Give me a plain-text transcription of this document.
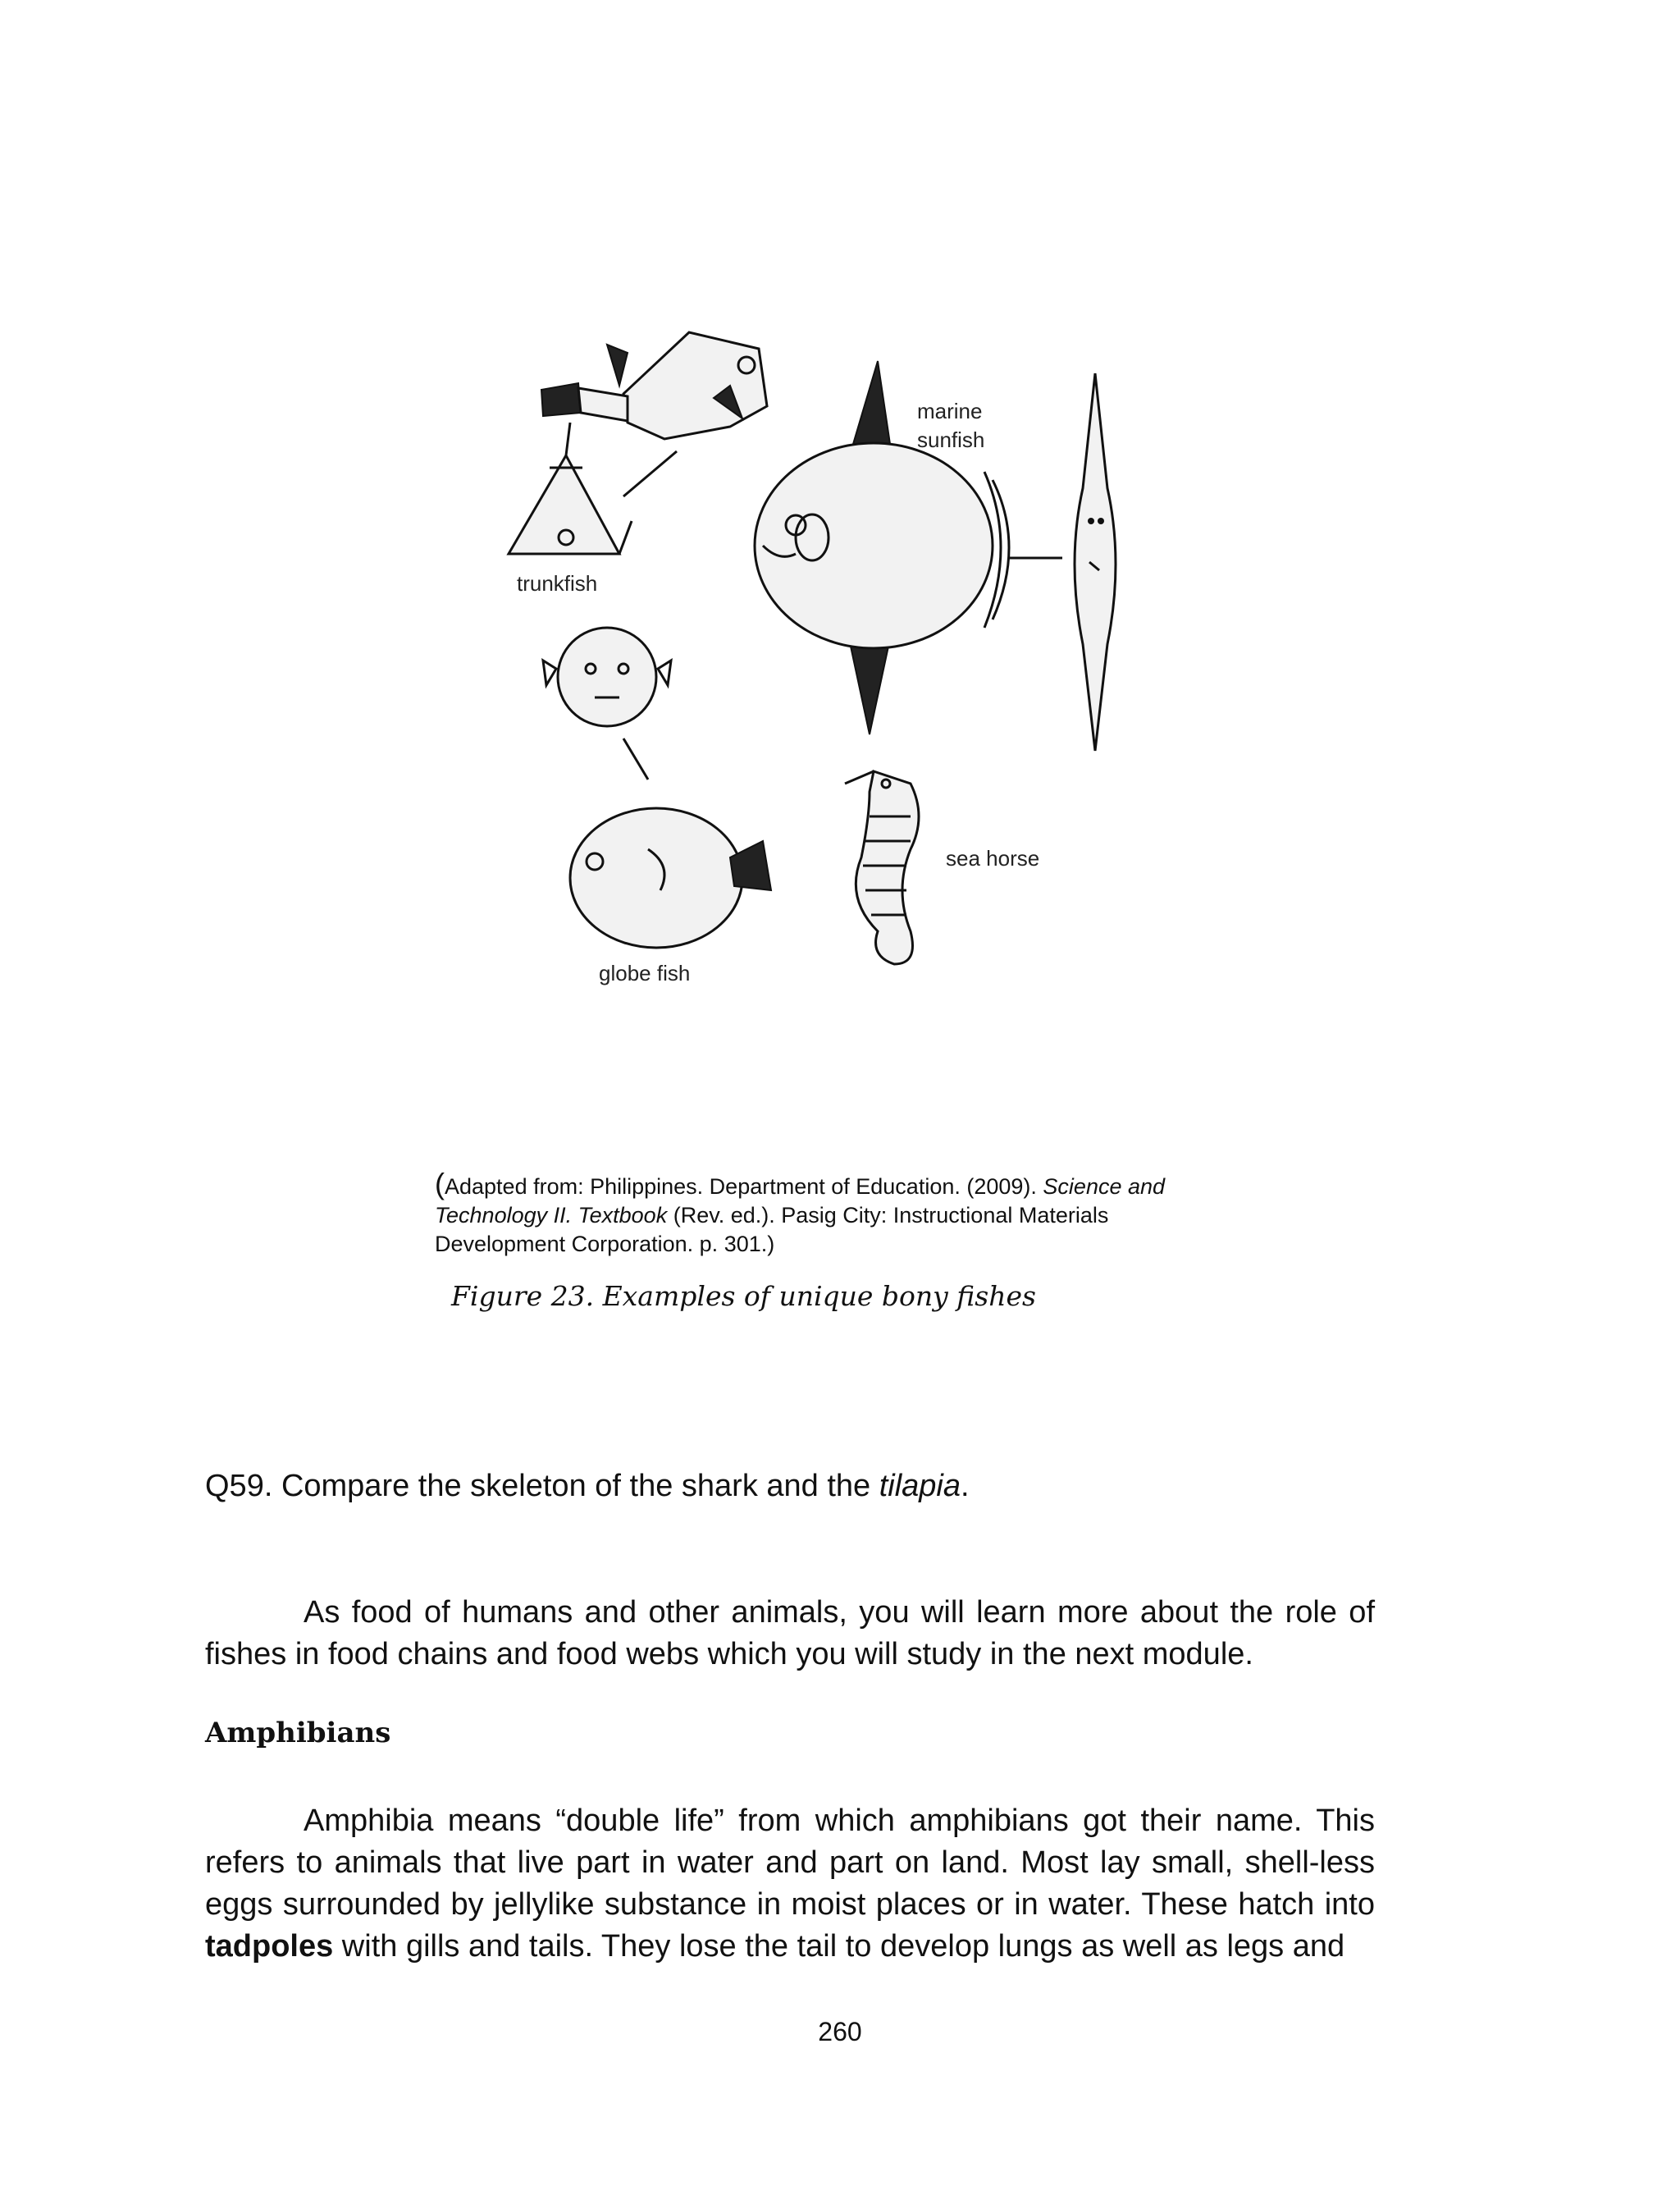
trunkfish
marine
sunfish
globe fish
sea horse
(Adapted from: Philippines. Department of Education. (2009). Science and Technology II. Textbook (Rev. ed.). Pasig City: Instructional Materials Development Corporation. p. 301.)
Figure 23. Examples of unique bony fishes
Q59. Compare the skeleton of the shark and the tilapia.
As food of humans and other animals, you will learn more about the role of fishes in food chains and food webs which you will study in the next module.
Amphibians
Amphibia means “double life” from which amphibians got their name. This refers to animals that live part in water and part on land. Most lay small, shell-less eggs surrounded by jellylike substance in moist places or in water. These hatch into tadpoles with gills and tails. They lose the tail to develop lungs as well as legs and
260
